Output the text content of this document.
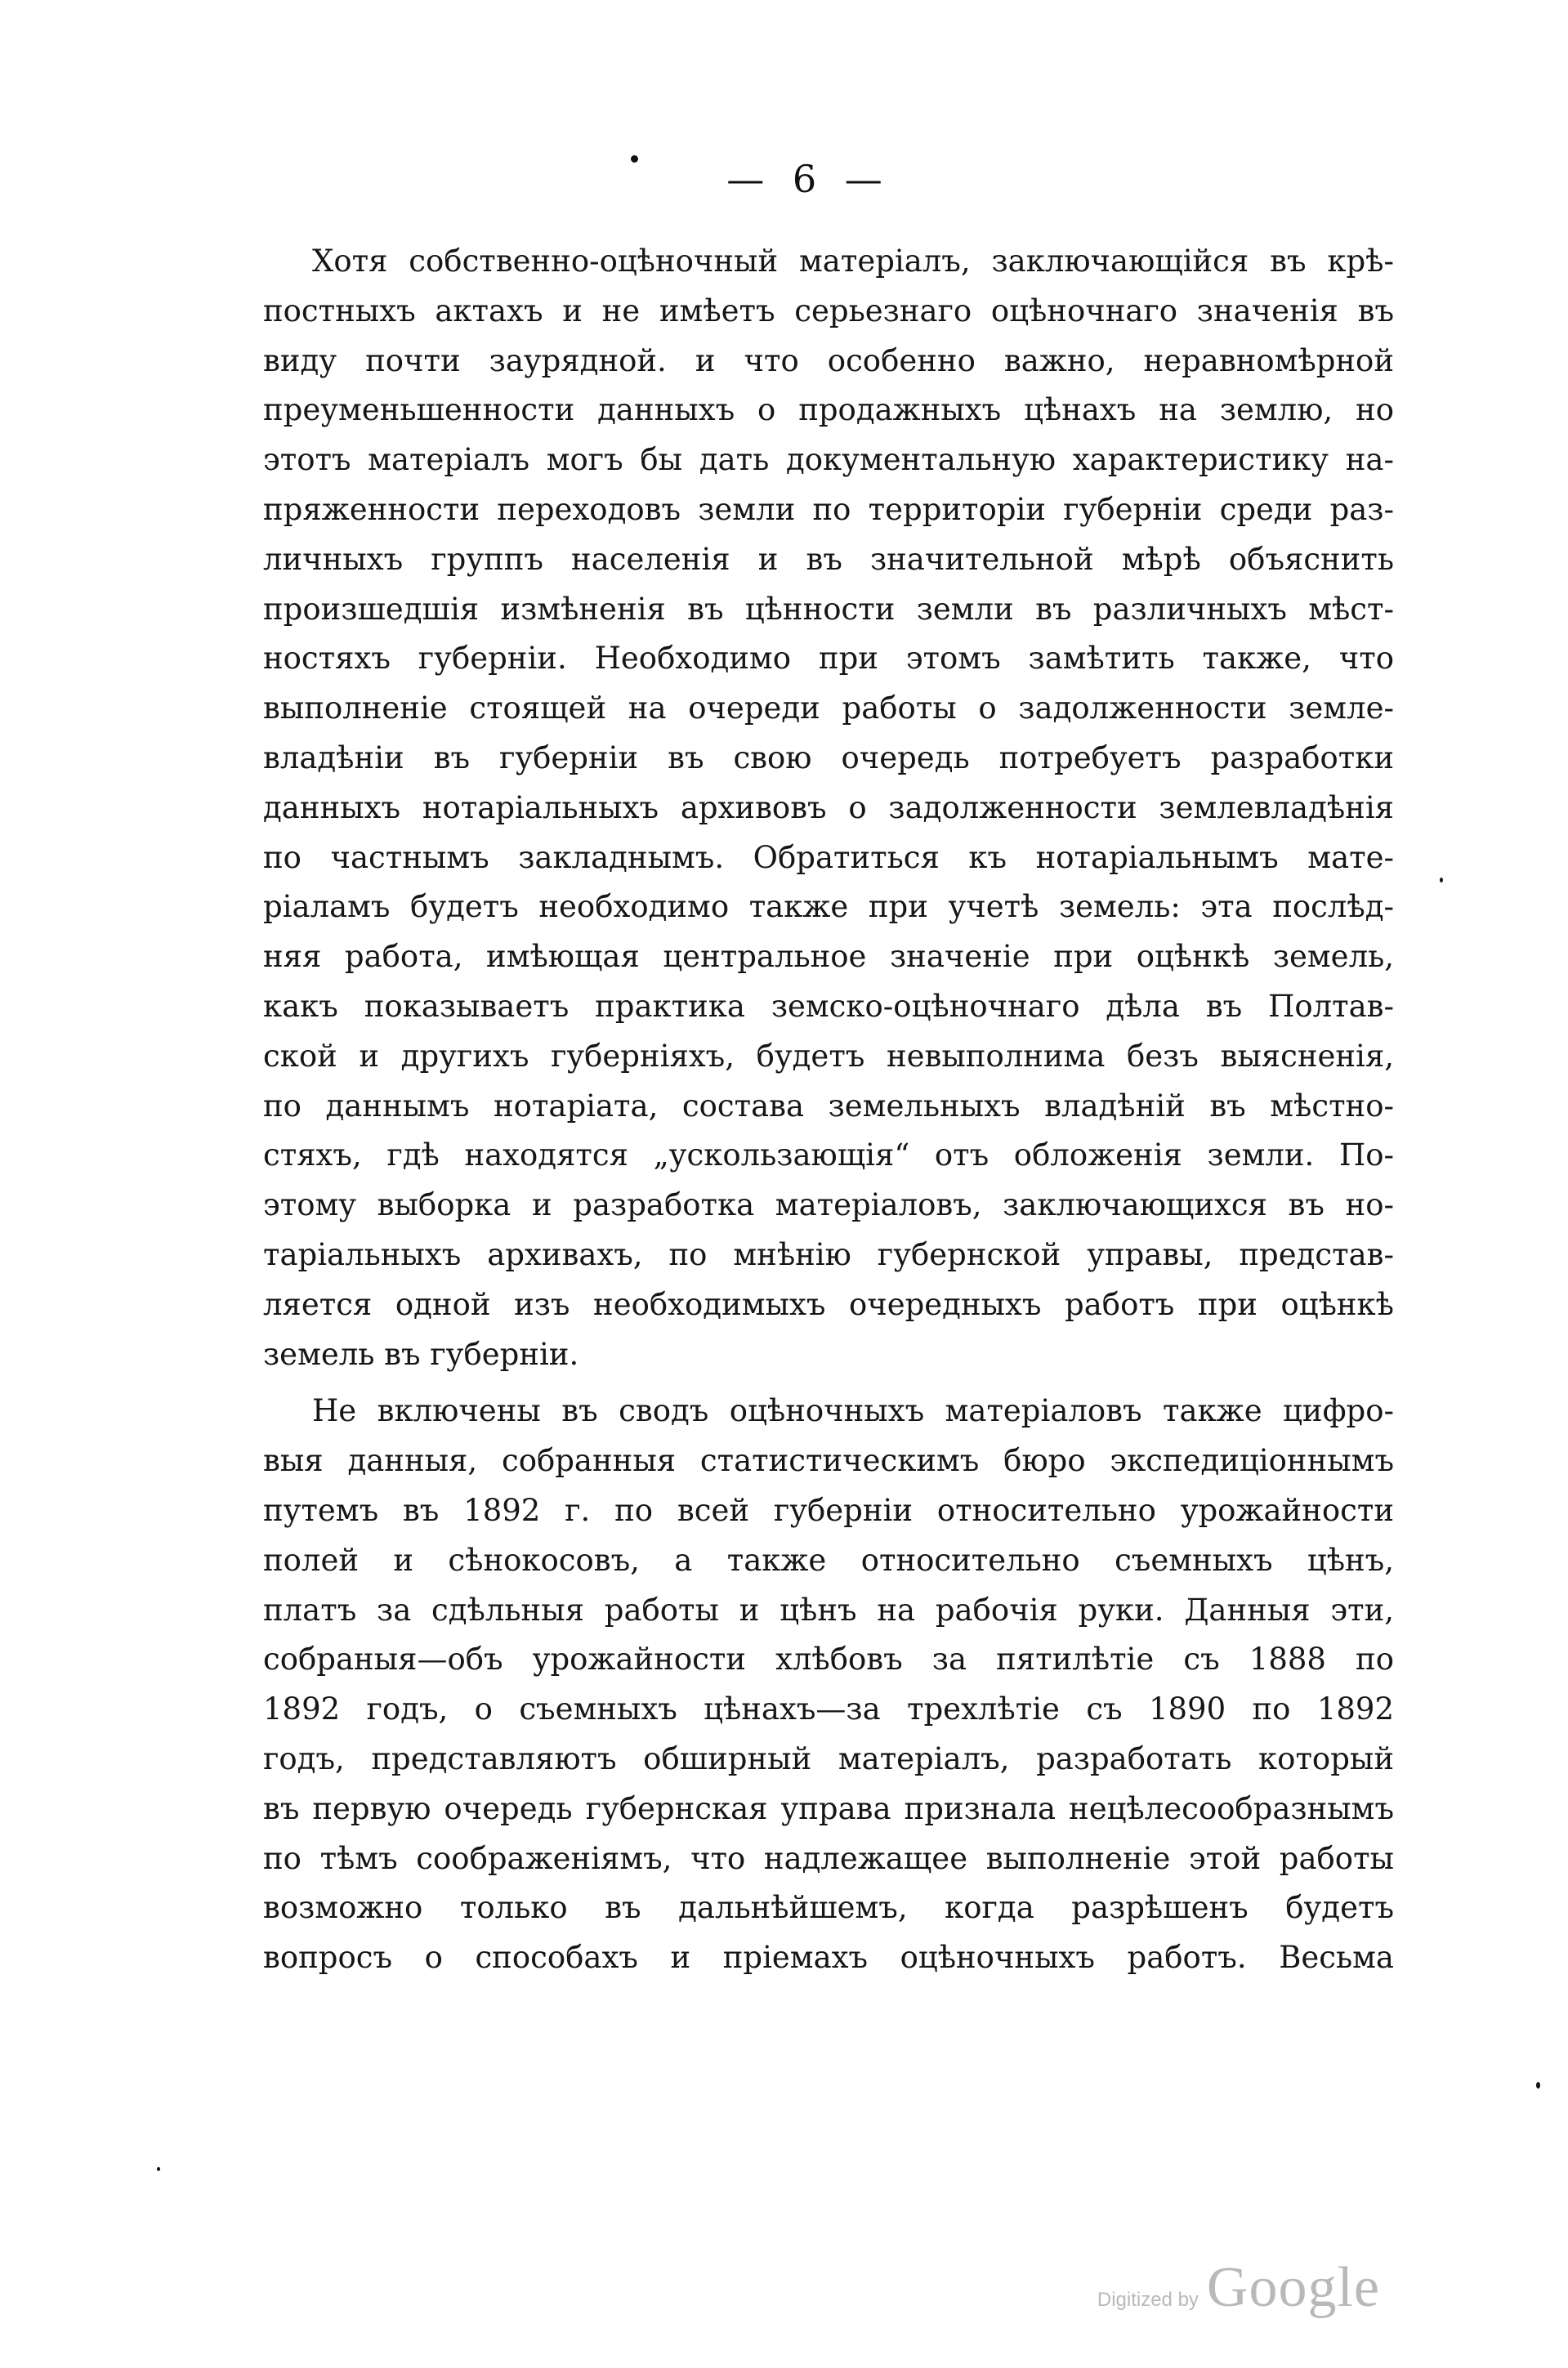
— 6 —
Хотя собственно-оцѣночный матеріалъ, заключающійся въ крѣ-
постныхъ актахъ и не имѣетъ серьезнаго оцѣночнаго значенія въ
виду почти заурядной. и что особенно важно, неравномѣрной
преуменьшенности данныхъ о продажныхъ цѣнахъ на землю, но
этотъ матеріалъ могъ бы дать документальную характеристику на-
пряженности переходовъ земли по территоріи губерніи среди раз-
личныхъ группъ населенія и въ значительной мѣрѣ объяснить
произшедшія измѣненія въ цѣнности земли въ различныхъ мѣст-
ностяхъ губерніи. Необходимо при этомъ замѣтить также, что
выполненіе стоящей на очереди работы о задолженности земле-
владѣніи въ губерніи въ свою очередь потребуетъ разработки
данныхъ нотаріальныхъ архивовъ о задолженности землевладѣнія
по частнымъ закладнымъ. Обратиться къ нотаріальнымъ мате-
ріаламъ будетъ необходимо также при учетѣ земель: эта послѣд-
няя работа, имѣющая центральное значеніе при оцѣнкѣ земель,
какъ показываетъ практика земско-оцѣночнаго дѣла въ Полтав-
ской и другихъ губерніяхъ, будетъ невыполнима безъ выясненія,
по даннымъ нотаріата, состава земельныхъ владѣній въ мѣстно-
стяхъ, гдѣ находятся „ускользающія“ отъ обложенія земли. По-
этому выборка и разработка матеріаловъ, заключающихся въ но-
таріальныхъ архивахъ, по мнѣнію губернской управы, представ-
ляется одной изъ необходимыхъ очередныхъ работъ при оцѣнкѣ
земель въ губерніи.
Не включены въ сводъ оцѣночныхъ матеріаловъ также цифро-
выя данныя, собранныя статистическимъ бюро экспедиціоннымъ
путемъ въ 1892 г. по всей губерніи относительно урожайности
полей и сѣнокосовъ, а также относительно съемныхъ цѣнъ,
платъ за сдѣльныя работы и цѣнъ на рабочія руки. Данныя эти,
собраныя—объ урожайности хлѣбовъ за пятилѣтіе съ 1888 по
1892 годъ, о съемныхъ цѣнахъ—за трехлѣтіе съ 1890 по 1892
годъ, представляютъ обширный матеріалъ, разработать который
въ первую очередь губернская управа признала нецѣлесообразнымъ
по тѣмъ соображеніямъ, что надлежащее выполненіе этой работы
возможно только въ дальнѣйшемъ, когда разрѣшенъ будетъ
вопросъ о способахъ и пріемахъ оцѣночныхъ работъ. Весьма
Digitized by Google
